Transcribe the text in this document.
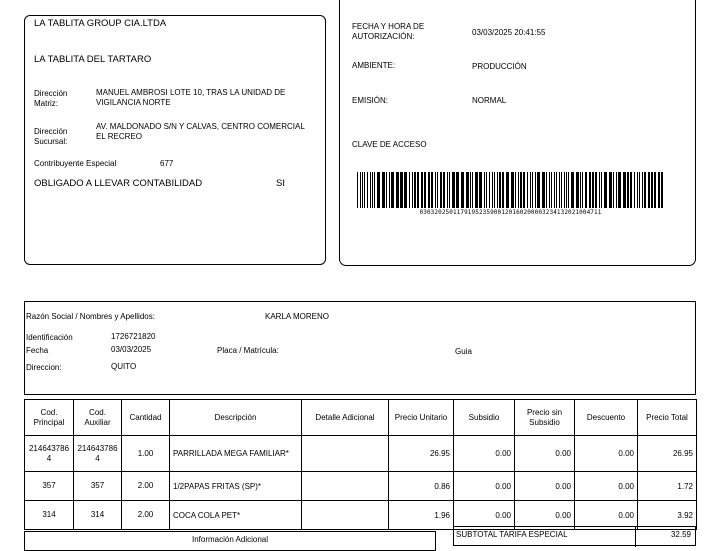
LA TABLITA GROUP CIA.LTDA
LA TABLITA DEL TARTARO
Dirección
Matriz:
MANUEL AMBROSI LOTE 10, TRAS LA UNIDAD DE VIGILANCIA NORTE
Dirección
Sucursal:
AV. MALDONADO S/N Y CALVAS, CENTRO COMERCIAL EL RECREO
Contribuyente Especial	677
OBLIGADO A LLEVAR CONTABILIDAD	SI
FECHA Y HORA DE
AUTORIZACIÓN:	03/03/2025 20:41:55
AMBIENTE:	PRODUCCIÓN
EMISIÓN:	NORMAL
CLAVE DE ACCESO
0303202501179195235900120160200003234132021004711
Razón Social / Nombres y Apellidos:	KARLA MORENO
Identificación	1726721820
Fecha	03/03/2025	Placa / Matrícula:	Guia
Direccion:	QUITO
Cod. Principal	Cod. Auxiliar	Cantidad	Descripción	Detalle Adicional	Precio Unitario	Subsidio	Precio sin Subsidio	Descuento	Precio Total
2146437864	2146437864	1.00	PARRILLADA MEGA FAMILIAR*		26.95	0.00	0.00	0.00	26.95
357	357	2.00	1/2PAPAS FRITAS (SP)*		0.86	0.00	0.00	0.00	1.72
314	314	2.00	COCA COLA PET*		1.96	0.00	0.00	0.00	3.92
Información Adicional
SUBTOTAL TARIFA ESPECIAL	32.59
